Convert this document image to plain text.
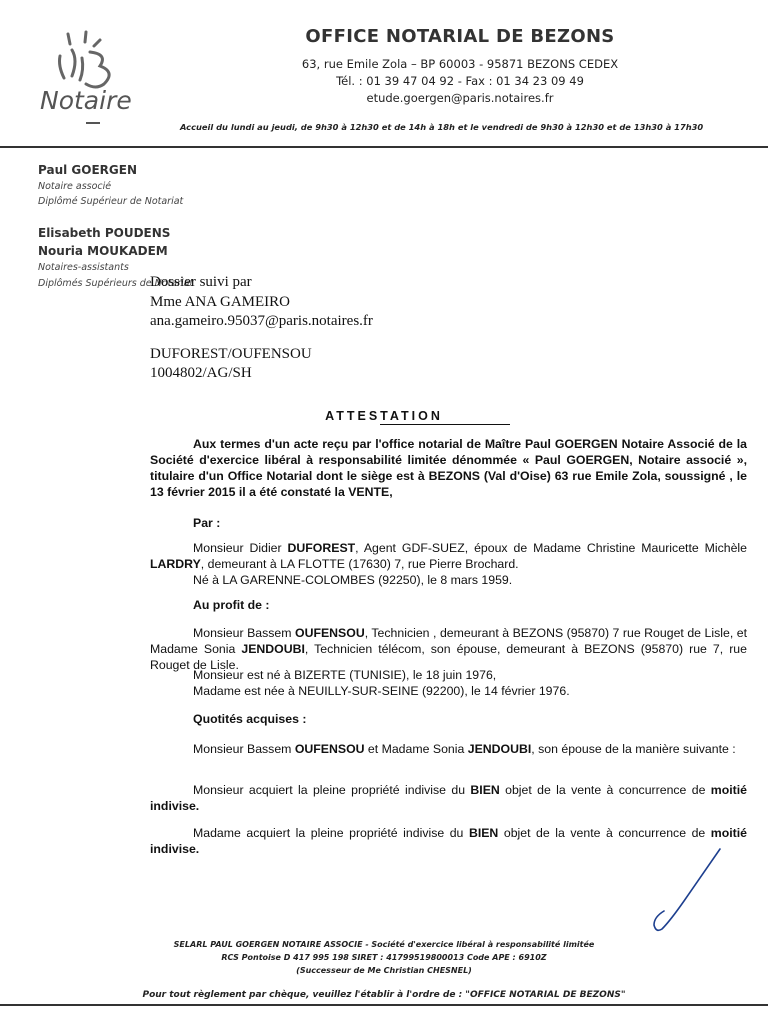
Notaire
OFFICE NOTARIAL DE BEZONS
63, rue Emile Zola – BP 60003 - 95871 BEZONS CEDEX
Tél. : 01 39 47 04 92 - Fax : 01 34 23 09 49
etude.goergen@paris.notaires.fr
Accueil du lundi au jeudi, de 9h30 à 12h30 et de 14h à 18h et le vendredi de 9h30 à 12h30 et de 13h30 à 17h30
Paul GOERGEN
Notaire associé
Diplômé Supérieur de Notariat
Elisabeth POUDENS
Nouria MOUKADEM
Notaires-assistants
Diplômés Supérieurs de Notariat
Dossier suivi par
Mme ANA GAMEIRO
ana.gameiro.95037@paris.notaires.fr
DUFOREST/OUFENSOU
1004802/AG/SH
ATTESTATION
Aux termes d'un acte reçu par l'office notarial de Maître Paul GOERGEN Notaire Associé de la Société d'exercice libéral à responsabilité limitée dénommée « Paul GOERGEN, Notaire associé », titulaire d'un Office Notarial dont le siège est à BEZONS (Val d'Oise) 63 rue Emile Zola, soussigné , le 13 février 2015 il a été constaté la VENTE,
Par :
Monsieur Didier DUFOREST, Agent GDF-SUEZ, époux de Madame Christine Mauricette Michèle LARDRY, demeurant à LA FLOTTE (17630) 7, rue Pierre Brochard.
Né à LA GARENNE-COLOMBES (92250), le 8 mars 1959.
Au profit de :
Monsieur Bassem OUFENSOU, Technicien , demeurant à BEZONS (95870) 7 rue Rouget de Lisle, et Madame Sonia JENDOUBI, Technicien télécom, son épouse, demeurant à BEZONS (95870) rue 7, rue Rouget de Lisle.
Monsieur est né à BIZERTE (TUNISIE), le 18 juin 1976,
Madame est née à NEUILLY-SUR-SEINE (92200), le 14 février 1976.
Quotités acquises :
Monsieur Bassem OUFENSOU et Madame Sonia JENDOUBI, son épouse de la manière suivante :
Monsieur acquiert la pleine propriété indivise du BIEN objet de la vente à concurrence de moitié indivise.
Madame acquiert la pleine propriété indivise du BIEN objet de la vente à concurrence de moitié indivise.
SELARL PAUL GOERGEN NOTAIRE ASSOCIE - Société d'exercice libéral à responsabilité limitée
RCS Pontoise D 417 995 198 SIRET : 41799519800013 Code APE : 6910Z
(Successeur de Me Christian CHESNEL)
Pour tout règlement par chèque, veuillez l'établir à l'ordre de : "OFFICE NOTARIAL DE BEZONS"
